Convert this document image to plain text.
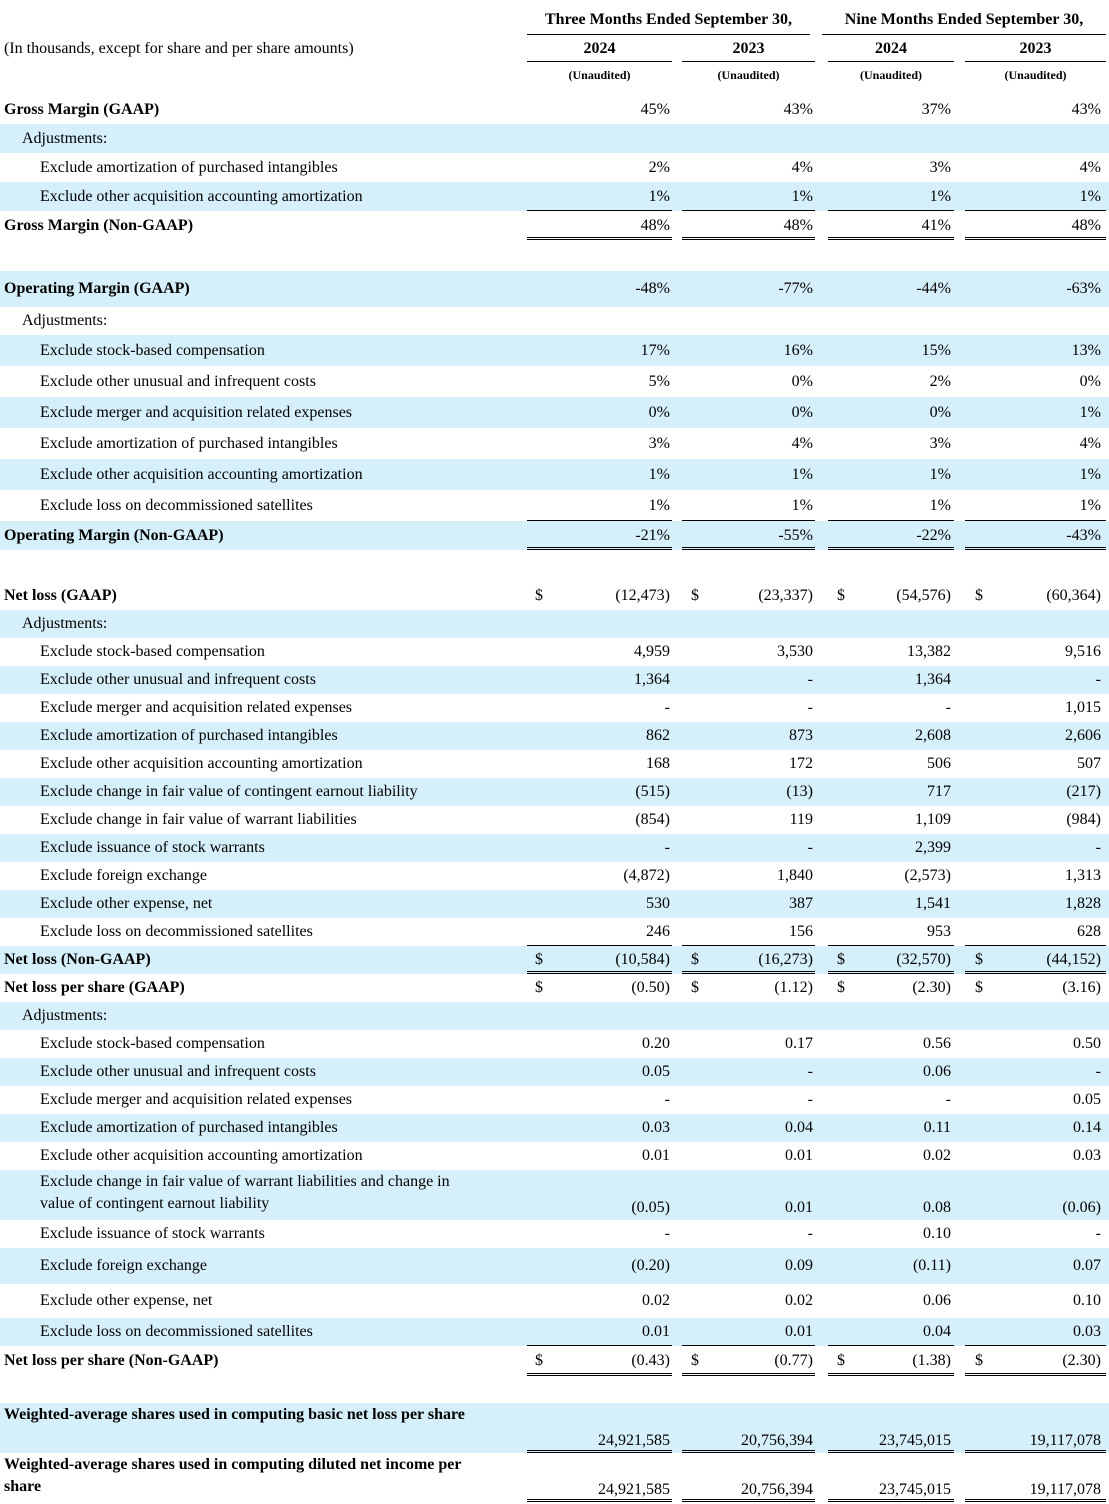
Three Months Ended September 30,	Nine Months Ended September 30,
(In thousands, except for share and per share amounts)	2024	2023	2024	2023
(Unaudited)	(Unaudited)	(Unaudited)	(Unaudited)
Gross Margin (GAAP)	45%	43%	37%	43%
Adjustments:
Exclude amortization of purchased intangibles	2%	4%	3%	4%
Exclude other acquisition accounting amortization	1%	1%	1%	1%
Gross Margin (Non-GAAP)	48%	48%	41%	48%
Operating Margin (GAAP)	-48%	-77%	-44%	-63%
Adjustments:
Exclude stock-based compensation	17%	16%	15%	13%
Exclude other unusual and infrequent costs	5%	0%	2%	0%
Exclude merger and acquisition related expenses	0%	0%	0%	1%
Exclude amortization of purchased intangibles	3%	4%	3%	4%
Exclude other acquisition accounting amortization	1%	1%	1%	1%
Exclude loss on decommissioned satellites	1%	1%	1%	1%
Operating Margin (Non-GAAP)	-21%	-55%	-22%	-43%
Net loss (GAAP)	$	(12,473) $	(23,337) $	(54,576) $	(60,364)
Adjustments:
Exclude stock-based compensation	4,959	3,530	13,382	9,516
Exclude other unusual and infrequent costs	1,364	-	1,364	-
Exclude merger and acquisition related expenses	-	-	-	1,015
Exclude amortization of purchased intangibles	862	873	2,608	2,606
Exclude other acquisition accounting amortization	168	172	506	507
Exclude change in fair value of contingent earnout liability	(515)	(13)	717	(217)
Exclude change in fair value of warrant liabilities	(854)	119	1,109	(984)
Exclude issuance of stock warrants	-	-	2,399	-
Exclude foreign exchange	(4,872)	1,840	(2,573)	1,313
Exclude other expense, net	530	387	1,541	1,828
Exclude loss on decommissioned satellites	246	156	953	628
Net loss (Non-GAAP)	$	(10,584) $	(16,273) $	(32,570) $	(44,152)
Net loss per share (GAAP)	$	(0.50) $	(1.12) $	(2.30) $	(3.16)
Adjustments:
Exclude stock-based compensation	0.20	0.17	0.56	0.50
Exclude other unusual and infrequent costs	0.05	-	0.06	-
Exclude merger and acquisition related expenses	-	-	-	0.05
Exclude amortization of purchased intangibles	0.03	0.04	0.11	0.14
Exclude other acquisition accounting amortization	0.01	0.01	0.02	0.03
Exclude change in fair value of warrant liabilities and change in value of contingent earnout liability	(0.05)	0.01	0.08	(0.06)
Exclude issuance of stock warrants	-	-	0.10	-
Exclude foreign exchange	(0.20)	0.09	(0.11)	0.07
Exclude other expense, net	0.02	0.02	0.06	0.10
Exclude loss on decommissioned satellites	0.01	0.01	0.04	0.03
Net loss per share (Non-GAAP)	$	(0.43) $	(0.77) $	(1.38) $	(2.30)
Weighted-average shares used in computing basic net loss per share
24,921,585	20,756,394	23,745,015	19,117,078
Weighted-average shares used in computing diluted net income per share	24,921,585	20,756,394	23,745,015	19,117,078
